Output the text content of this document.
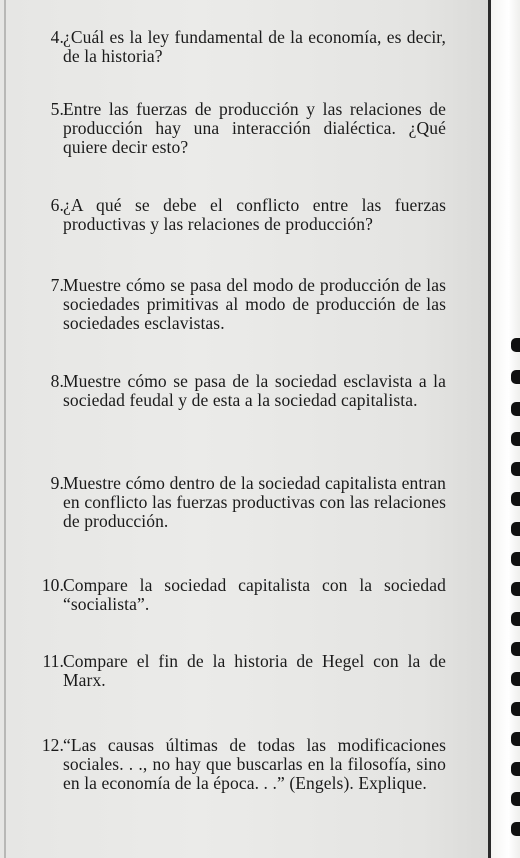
4. ¿Cuál es la ley fundamental de la economía, es decir, de la historia?
5. Entre las fuerzas de producción y las relaciones de producción hay una interacción dialéctica. ¿Qué quiere decir esto?
6. ¿A qué se debe el conflicto entre las fuerzas productivas y las relaciones de producción?
7. Muestre cómo se pasa del modo de producción de las sociedades primitivas al modo de producción de las sociedades esclavistas.
8. Muestre cómo se pasa de la sociedad esclavista a la sociedad feudal y de esta a la sociedad capitalista.
9. Muestre cómo dentro de la sociedad capitalista entran en conflicto las fuerzas productivas con las relaciones de producción.
10. Compare la sociedad capitalista con la sociedad “socialista”.
11. Compare el fin de la historia de Hegel con la de Marx.
12. “Las causas últimas de todas las modificaciones sociales. . ., no hay que buscarlas en la filosofía, sino en la economía de la época. . .” (Engels). Explique.
